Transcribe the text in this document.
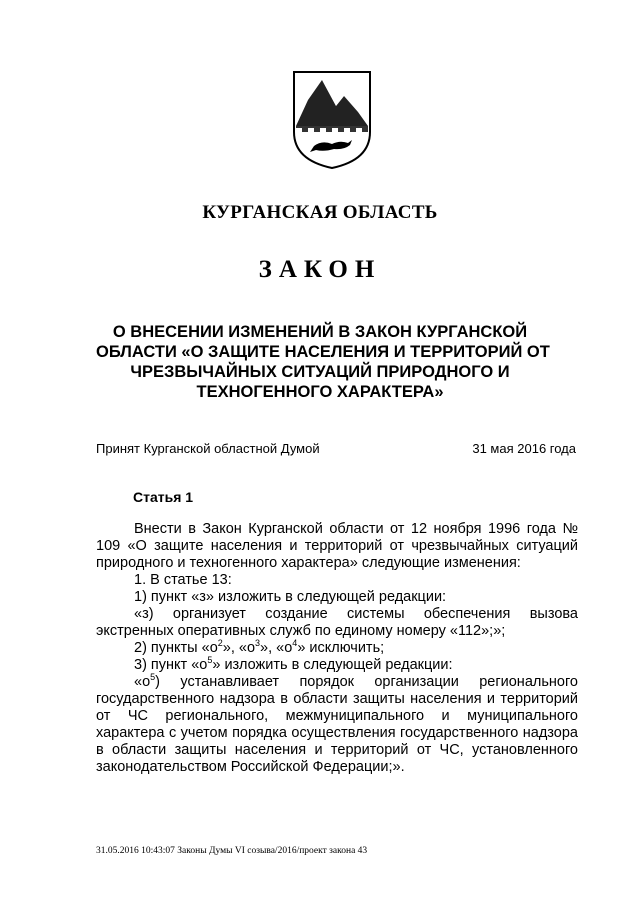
КУРГАНСКАЯ ОБЛАСТЬ
ЗАКОН
О ВНЕСЕНИИ ИЗМЕНЕНИЙ В ЗАКОН КУРГАНСКОЙ
ОБЛАСТИ «О ЗАЩИТЕ НАСЕЛЕНИЯ И ТЕРРИТОРИЙ ОТ
ЧРЕЗВЫЧАЙНЫХ СИТУАЦИЙ ПРИРОДНОГО И
ТЕХНОГЕННОГО ХАРАКТЕРА»
Принят Курганской областной Думой	31 мая 2016 года
Статья 1

Внести в Закон Курганской области от 12 ноября 1996 года № 109 «О защите населения и территорий от чрезвычайных ситуаций природного и техногенного характера» следующие изменения:

1. В статье 13:

1) пункт «з» изложить в следующей редакции:

«з) организует создание системы обеспечения вызова экстренных оперативных служб по единому номеру «112»;»;

2) пункты «$о^2$», «$о^3$», «$о^4$» исключить;

3) пункт «$о^5$» изложить в следующей редакции:

«$о^5$) устанавливает порядок организации регионального государственного надзора в области защиты населения и территорий от ЧС регионального, межмуниципального и муниципального характера с учетом порядка осуществления государственного надзора в области защиты населения и территорий от ЧС, установленного законодательством Российской Федерации;».

31.05.2016 10:43:07 Законы Думы VI созыва/2016/проект закона 43
